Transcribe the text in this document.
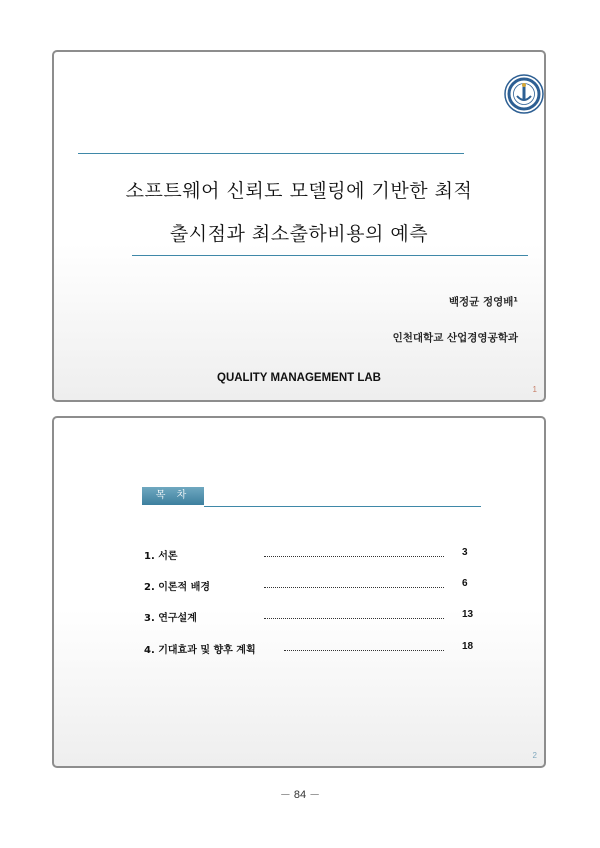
소프트웨어 신뢰도 모델링에 기반한 최적
출시점과 최소출하비용의 예측
백정균 정영배¹
인천대학교 산업경영공학과
QUALITY MANAGEMENT LAB
1
목 차
1. 서론	3
2. 이론적 배경	6
3. 연구설계	13
4. 기대효과 및 향후 계획	18
2
－ 84 －
